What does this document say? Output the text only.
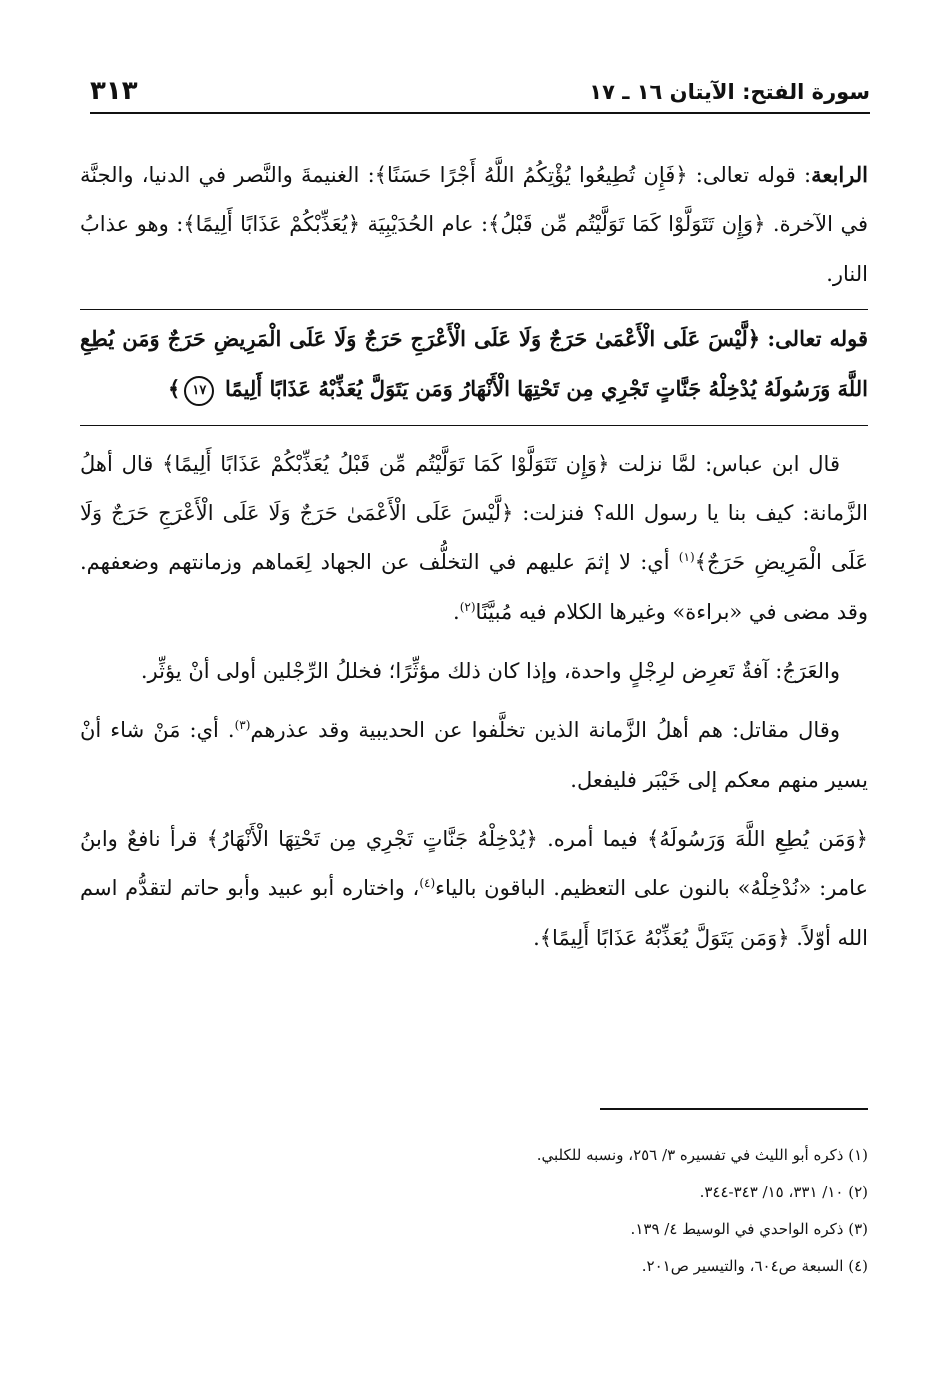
سورة الفتح: الآيتان ١٦ ـ ١٧
٣١٣

الرابعة: قوله تعالى: ﴿فَإِن تُطِيعُوا يُؤْتِكُمُ اللَّهُ أَجْرًا حَسَنًا﴾: الغنيمةَ والنَّصر في الدنيا، والجنَّة في الآخرة. ﴿وَإِن تَتَوَلَّوْا كَمَا تَوَلَّيْتُم مِّن قَبْلُ﴾: عام الحُدَيْبِيَة ﴿يُعَذِّبْكُمْ عَذَابًا أَلِيمًا﴾: وهو عذابُ النار.

قوله تعالى: ﴿لَّيْسَ عَلَى الْأَعْمَىٰ حَرَجٌ وَلَا عَلَى الْأَعْرَجِ حَرَجٌ وَلَا عَلَى الْمَرِيضِ حَرَجٌ وَمَن يُطِعِ اللَّهَ وَرَسُولَهُ يُدْخِلْهُ جَنَّاتٍ تَجْرِي مِن تَحْتِهَا الْأَنْهَارُ وَمَن يَتَوَلَّ يُعَذِّبْهُ عَذَابًا أَلِيمًا ١٧﴾

قال ابن عباس: لمَّا نزلت ﴿وَإِن تَتَوَلَّوْا كَمَا تَوَلَّيْتُم مِّن قَبْلُ يُعَذِّبْكُمْ عَذَابًا أَلِيمًا﴾ قال أهلُ الزَّمانة: كيف بنا يا رسول الله؟ فنزلت: ﴿لَّيْسَ عَلَى الْأَعْمَىٰ حَرَجٌ وَلَا عَلَى الْأَعْرَجِ حَرَجٌ وَلَا عَلَى الْمَرِيضِ حَرَجٌ﴾$^{(١)}$ أي: لا إثمَ عليهم في التخلُّف عن الجهاد لِعَماهم وزمانتهم وضعفهم. وقد مضى في «براءة» وغيرها الكلام فيه مُبيَّنًا$^{(٢)}$.

والعَرَجُ: آفةٌ تَعرِض لرِجْلٍ واحدة، وإذا كان ذلك مؤثِّرًا؛ فخللُ الرِّجْلين أولى أنْ يؤثِّر.

وقال مقاتل: هم أهلُ الزَّمانة الذين تخلَّفوا عن الحديبية وقد عذرهم$^{(٣)}$. أي: مَنْ شاء أنْ يسير منهم معكم إلى خَيْبَر فليفعل.

﴿وَمَن يُطِعِ اللَّهَ وَرَسُولَهُ﴾ فيما أمره. ﴿يُدْخِلْهُ جَنَّاتٍ تَجْرِي مِن تَحْتِهَا الْأَنْهَارُ﴾ قرأ نافعٌ وابنُ عامر: «نُدْخِلْهُ» بالنون على التعظيم. الباقون بالياء$^{(٤)}$، واختاره أبو عبيد وأبو حاتم لتقدُّم اسم الله أوّلاً. ﴿وَمَن يَتَوَلَّ يُعَذِّبْهُ عَذَابًا أَلِيمًا﴾.

(١) ذكره أبو الليث في تفسيره ٣/ ٢٥٦، ونسبه للكلبي.

(٢) ١٠/ ٣٣١، ١٥/ ٣٤٣-٣٤٤.

(٣) ذكره الواحدي في الوسيط ٤/ ١٣٩.

(٤) السبعة ص٦٠٤، والتيسير ص٢٠١.
